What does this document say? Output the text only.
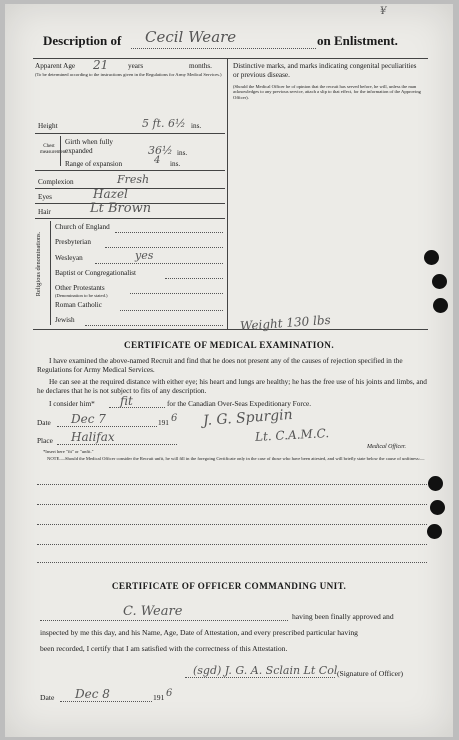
¥
Description of Cecil Weare	on Enlistment.
Apparent Age 21	years	months.
(To be determined according to the instructions given in the Regulations for Army Medical Services.)
Height	5 ft. 6½ ins.
Chest measurement
Girth when fully expanded	36½ ins.
Range of expansion	4 ins.
Complexion	Fresh
Eyes	Hazel
Hair	Lt Brown
Religious denominations.
Church of England
Presbyterian
Wesleyan	yes
Baptist or Congregationalist
Other Protestants
(Denomination to be stated.)
Roman Catholic
Jewish
Distinctive marks, and marks indicating congenital peculiarities or previous disease.
(Should the Medical Officer be of opinion that the recruit has served before, he will, unless the man acknowledges to any previous service, attach a slip to that effect, for the information of the Approving Officer).
Weight 130 lbs
CERTIFICATE OF MEDICAL EXAMINATION.
I have examined the above-named Recruit and find that he does not present any of the causes of rejection specified in the Regulations for Army Medical Services.
He can see at the required distance with either eye; his heart and lungs are healthy; he has the free use of his joints and limbs, and he declares that he is not subject to fits of any description.
I consider him* fit	for the Canadian Over-Seas Expeditionary Force.
Date Dec 7	191 6 J. G. Spurgin
Lt. C.A.M.C.
Place Halifax
Medical Officer.
*Insert here "fit" or "unfit."
NOTE.—Should the Medical Officer consider the Recruit unfit, he will fill in the foregoing Certificate only in the case of those who have been attested, and will briefly state below the cause of unfitness:—
CERTIFICATE OF OFFICER COMMANDING UNIT.
C. Weare	having been finally approved and
inspected by me this day, and his Name, Age, Date of Attestation, and every prescribed particular having
been recorded, I certify that I am satisfied with the correctness of this Attestation.
(sgd) J. G. A. Sclain Lt Col (Signature of Officer)
Date Dec 8	191 6
